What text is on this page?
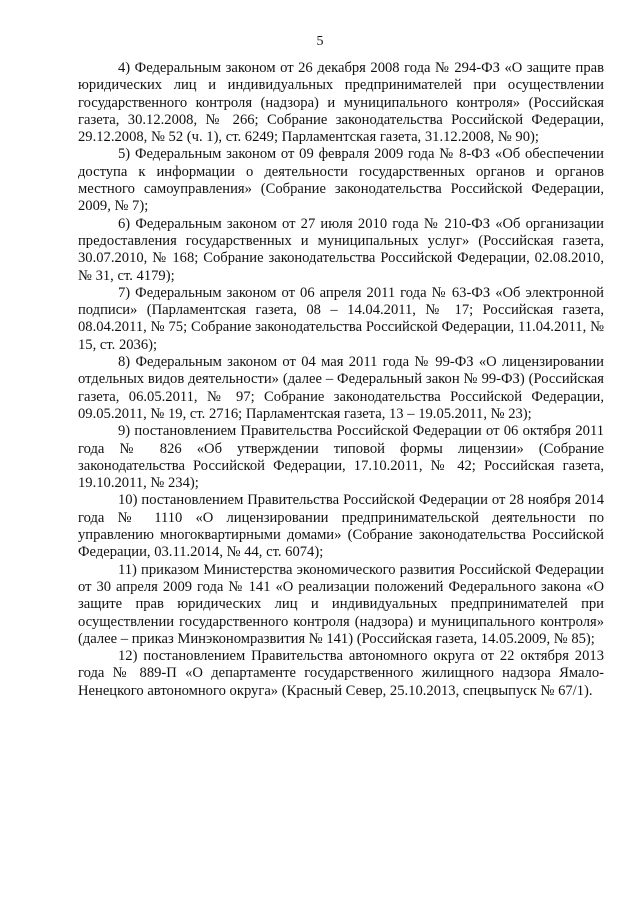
5

4) Федеральным законом от 26 декабря 2008 года № 294-ФЗ «О защите прав юридических лиц и индивидуальных предпринимателей при осуществлении государственного контроля (надзора) и муниципального контроля» (Российская газета, 30.12.2008, № 266; Собрание законодательства Российской Федерации, 29.12.2008, № 52 (ч. 1), ст. 6249; Парламентская газета, 31.12.2008, № 90);

5) Федеральным законом от 09 февраля 2009 года № 8-ФЗ «Об обеспечении доступа к информации о деятельности государственных органов и органов местного самоуправления» (Собрание законодательства Российской Федерации, 2009, № 7);

6) Федеральным законом от 27 июля 2010 года № 210-ФЗ «Об организации предоставления государственных и муниципальных услуг» (Российская газета, 30.07.2010, № 168; Собрание законодательства Российской Федерации, 02.08.2010, № 31, ст. 4179);

7) Федеральным законом от 06 апреля 2011 года № 63-ФЗ «Об электронной подписи» (Парламентская газета, 08 – 14.04.2011, № 17; Российская газета, 08.04.2011, № 75; Собрание законодательства Российской Федерации, 11.04.2011, № 15, ст. 2036);

8) Федеральным законом от 04 мая 2011 года № 99-ФЗ «О лицензировании отдельных видов деятельности» (далее – Федеральный закон № 99-ФЗ) (Российская газета, 06.05.2011, № 97; Собрание законодательства Российской Федерации, 09.05.2011, № 19, ст. 2716; Парламентская газета, 13 – 19.05.2011, № 23);

9) постановлением Правительства Российской Федерации от 06 октября 2011 года № 826 «Об утверждении типовой формы лицензии» (Собрание законодательства Российской Федерации, 17.10.2011, № 42; Российская газета, 19.10.2011, № 234);

10) постановлением Правительства Российской Федерации от 28 ноября 2014 года № 1110 «О лицензировании предпринимательской деятельности по управлению многоквартирными домами» (Собрание законодательства Российской Федерации, 03.11.2014, № 44, ст. 6074);

11) приказом Министерства экономического развития Российской Федерации от 30 апреля 2009 года № 141 «О реализации положений Федерального закона «О защите прав юридических лиц и индивидуальных предпринимателей при осуществлении государственного контроля (надзора) и муниципального контроля» (далее – приказ Минэкономразвития № 141) (Российская газета, 14.05.2009, № 85);

12) постановлением Правительства автономного округа от 22 октября 2013 года № 889-П «О департаменте государственного жилищного надзора Ямало-Ненецкого автономного округа» (Красный Север, 25.10.2013, спецвыпуск № 67/1).
